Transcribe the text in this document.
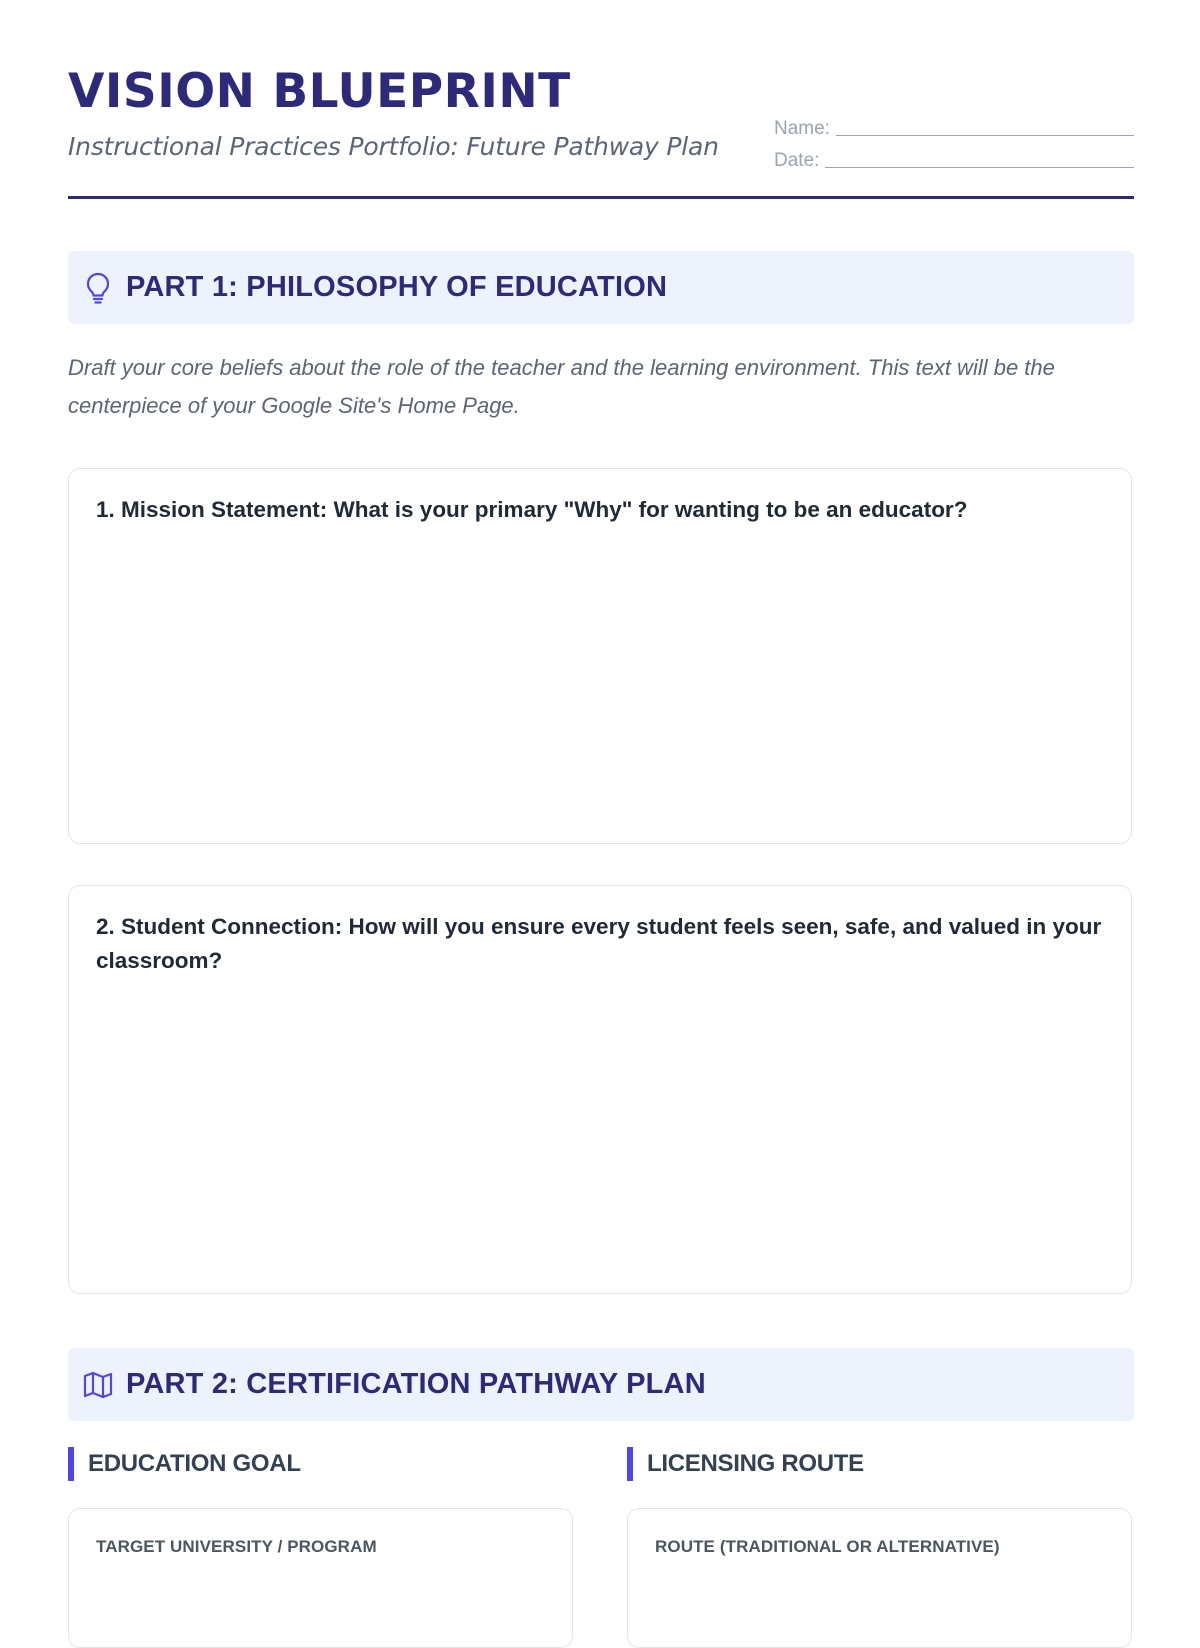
VISION BLUEPRINT

Instructional Practices Portfolio: Future Pathway Plan

Name:
Date:
PART 1: PHILOSOPHY OF EDUCATION

Draft your core beliefs about the role of the teacher and the learning environment. This text will be the centerpiece of your Google Site's Home Page.

1. Mission Statement: What is your primary "Why" for wanting to be an educator?

2. Student Connection: How will you ensure every student feels seen, safe, and valued in your classroom?

PART 2: CERTIFICATION PATHWAY PLAN
EDUCATION GOAL	LICENSING ROUTE

TARGET UNIVERSITY / PROGRAM	ROUTE (TRADITIONAL OR ALTERNATIVE)
